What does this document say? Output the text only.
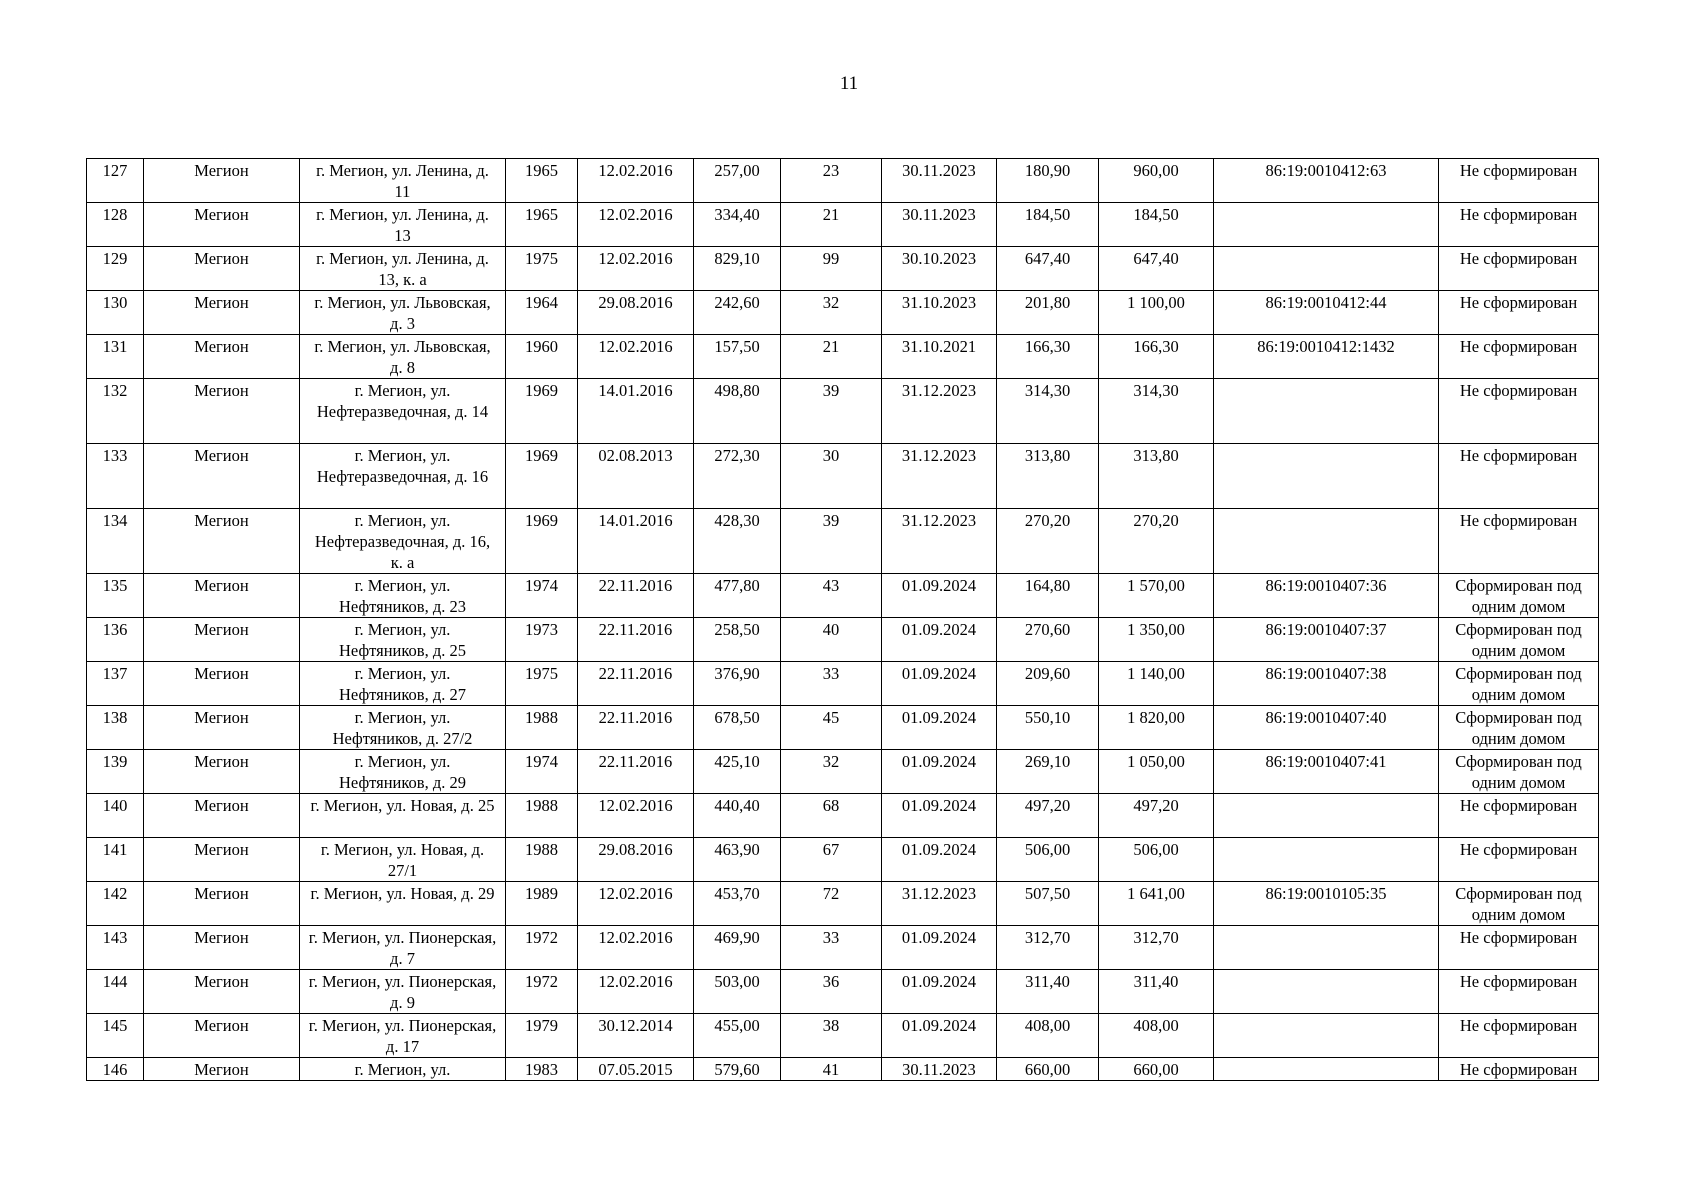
11
127	Мегион	г. Мегион, ул. Ленина, д. 11	1965	12.02.2016	257,00	23	30.11.2023	180,90	960,00	86:19:0010412:63	Не сформирован
128	Мегион	г. Мегион, ул. Ленина, д. 13	1965	12.02.2016	334,40	21	30.11.2023	184,50	184,50		Не сформирован
129	Мегион	г. Мегион, ул. Ленина, д. 13, к. а	1975	12.02.2016	829,10	99	30.10.2023	647,40	647,40		Не сформирован
130	Мегион	г. Мегион, ул. Львовская, д. 3	1964	29.08.2016	242,60	32	31.10.2023	201,80	1 100,00	86:19:0010412:44	Не сформирован
131	Мегион	г. Мегион, ул. Львовская, д. 8	1960	12.02.2016	157,50	21	31.10.2021	166,30	166,30	86:19:0010412:1432	Не сформирован
132	Мегион	г. Мегион, ул. Нефтеразведочная, д. 14	1969	14.01.2016	498,80	39	31.12.2023	314,30	314,30		Не сформирован
133	Мегион	г. Мегион, ул. Нефтеразведочная, д. 16	1969	02.08.2013	272,30	30	31.12.2023	313,80	313,80		Не сформирован
134	Мегион	г. Мегион, ул. Нефтеразведочная, д. 16, к. а	1969	14.01.2016	428,30	39	31.12.2023	270,20	270,20		Не сформирован
135	Мегион	г. Мегион, ул. Нефтяников, д. 23	1974	22.11.2016	477,80	43	01.09.2024	164,80	1 570,00	86:19:0010407:36	Сформирован под одним домом
136	Мегион	г. Мегион, ул. Нефтяников, д. 25	1973	22.11.2016	258,50	40	01.09.2024	270,60	1 350,00	86:19:0010407:37	Сформирован под одним домом
137	Мегион	г. Мегион, ул. Нефтяников, д. 27	1975	22.11.2016	376,90	33	01.09.2024	209,60	1 140,00	86:19:0010407:38	Сформирован под одним домом
138	Мегион	г. Мегион, ул. Нефтяников, д. 27/2	1988	22.11.2016	678,50	45	01.09.2024	550,10	1 820,00	86:19:0010407:40	Сформирован под одним домом
139	Мегион	г. Мегион, ул. Нефтяников, д. 29	1974	22.11.2016	425,10	32	01.09.2024	269,10	1 050,00	86:19:0010407:41	Сформирован под одним домом
140	Мегион	г. Мегион, ул. Новая, д. 25	1988	12.02.2016	440,40	68	01.09.2024	497,20	497,20		Не сформирован
141	Мегион	г. Мегион, ул. Новая, д. 27/1	1988	29.08.2016	463,90	67	01.09.2024	506,00	506,00		Не сформирован
142	Мегион	г. Мегион, ул. Новая, д. 29	1989	12.02.2016	453,70	72	31.12.2023	507,50	1 641,00	86:19:0010105:35	Сформирован под одним домом
143	Мегион	г. Мегион, ул. Пионерская, д. 7	1972	12.02.2016	469,90	33	01.09.2024	312,70	312,70		Не сформирован
144	Мегион	г. Мегион, ул. Пионерская, д. 9	1972	12.02.2016	503,00	36	01.09.2024	311,40	311,40		Не сформирован
145	Мегион	г. Мегион, ул. Пионерская, д. 17	1979	30.12.2014	455,00	38	01.09.2024	408,00	408,00		Не сформирован
146	Мегион	г. Мегион, ул.	1983	07.05.2015	579,60	41	30.11.2023	660,00	660,00		Не сформирован
